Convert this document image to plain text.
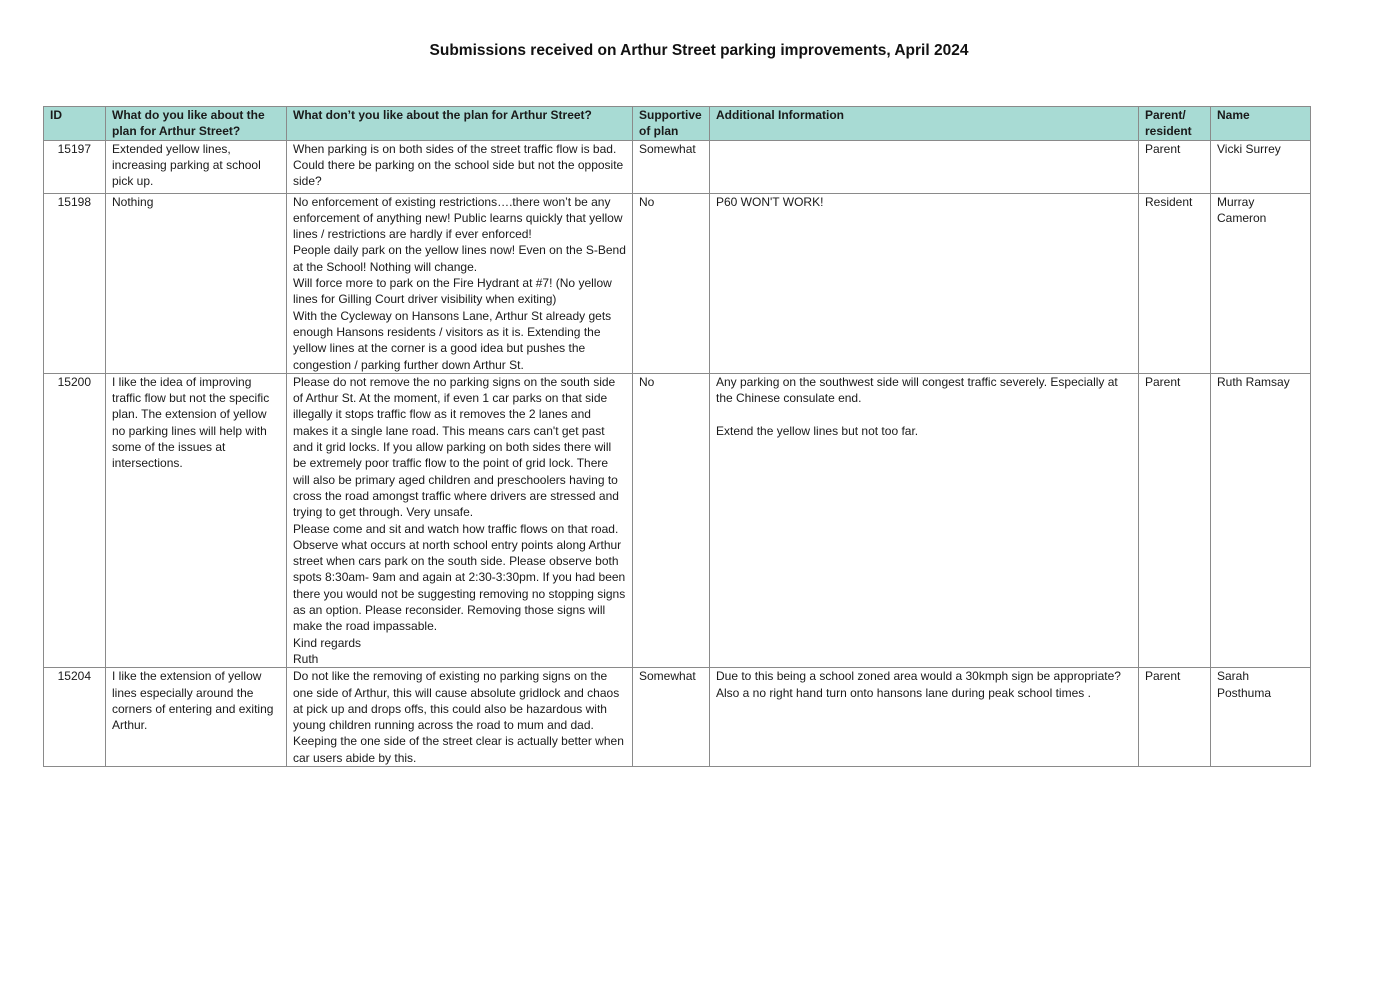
Submissions received on Arthur Street parking improvements, April 2024
ID	What do you like about the plan for Arthur Street?	What don’t you like about the plan for Arthur Street?	Supportive of plan	Additional Information	Parent/ resident	Name
15197	Extended yellow lines, increasing parking at school pick up.	When parking is on both sides of the street traffic flow is bad. Could there be parking on the school side but not the opposite side?	Somewhat		Parent	Vicki Surrey
15198	Nothing	No enforcement of existing restrictions….there won’t be any enforcement of anything new! Public learns quickly that yellow lines / restrictions are hardly if ever enforced!
People daily park on the yellow lines now! Even on the S-Bend at the School! Nothing will change.
Will force more to park on the Fire Hydrant at #7! (No yellow lines for Gilling Court driver visibility when exiting)
With the Cycleway on Hansons Lane, Arthur St already gets enough Hansons residents / visitors as it is. Extending the yellow lines at the corner is a good idea but pushes the congestion / parking further down Arthur St.	No	P60 WON'T WORK!	Resident	Murray Cameron
15200	I like the idea of improving traffic flow but not the specific plan. The extension of yellow no parking lines will help with some of the issues at intersections.	Please do not remove the no parking signs on the south side of Arthur St. At the moment, if even 1 car parks on that side illegally it stops traffic flow as it removes the 2 lanes and makes it a single lane road. This means cars can't get past and it grid locks. If you allow parking on both sides there will be extremely poor traffic flow to the point of grid lock. There will also be primary aged children and preschoolers having to cross the road amongst traffic where drivers are stressed and trying to get through. Very unsafe.
Please come and sit and watch how traffic flows on that road. Observe what occurs at north school entry points along Arthur street when cars park on the south side. Please observe both spots 8:30am- 9am and again at 2:30-3:30pm. If you had been there you would not be suggesting removing no stopping signs as an option. Please reconsider. Removing those signs will make the road impassable.
Kind regards
Ruth	No	Any parking on the southwest side will congest traffic severely. Especially at the Chinese consulate end.

Extend the yellow lines but not too far.	Parent	Ruth Ramsay
15204	I like the extension of yellow lines especially around the corners of entering and exiting Arthur.	Do not like the removing of existing no parking signs on the one side of Arthur, this will cause absolute gridlock and chaos at pick up and drops offs, this could also be hazardous with young children running across the road to mum and dad. Keeping the one side of the street clear is actually better when car users abide by this.	Somewhat	Due to this being a school zoned area would a 30kmph sign be appropriate? Also a no right hand turn onto hansons lane during peak school times .	Parent	Sarah Posthuma
